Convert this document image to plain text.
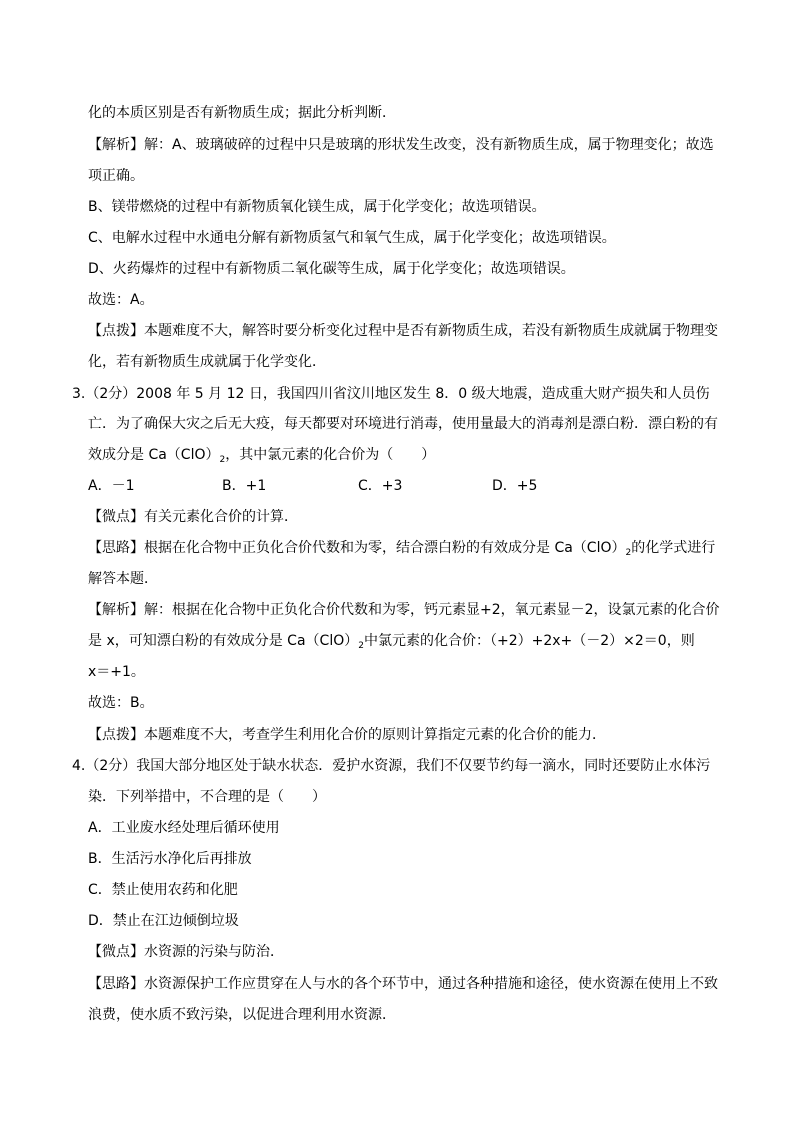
化的本质区别是否有新物质生成；据此分析判断．
【解析】解：A、玻璃破碎的过程中只是玻璃的形状发生改变，没有新物质生成，属于物理变化；故选
项正确。
B、镁带燃烧的过程中有新物质氧化镁生成，属于化学变化；故选项错误。
C、电解水过程中水通电分解有新物质氢气和氧气生成，属于化学变化；故选项错误。
D、火药爆炸的过程中有新物质二氧化碳等生成，属于化学变化；故选项错误。
故选：A。
【点拨】本题难度不大，解答时要分析变化过程中是否有新物质生成，若没有新物质生成就属于物理变
化，若有新物质生成就属于化学变化．
3.（2分）2008 年 5 月 12 日，我国四川省汶川地区发生 8．0 级大地震，造成重大财产损失和人员伤
亡．为了确保大灾之后无大疫，每天都要对环境进行消毒，使用量最大的消毒剂是漂白粉．漂白粉的有
效成分是 $Ca(ClO)_2$，其中氯元素的化合价为（　　）
A．－1	B．+1	C．+3	D．+5
【微点】有关元素化合价的计算．
【思路】根据在化合物中正负化合价代数和为零，结合漂白粉的有效成分是 $Ca(ClO)_2$的化学式进行
解答本题．
【解析】解：根据在化合物中正负化合价代数和为零，钙元素显+2，氧元素显－2，设氯元素的化合价
是 x，可知漂白粉的有效成分是 $Ca(ClO)_2$中氯元素的化合价：（+2）+2x+（－2）×2＝0，则
x＝+1。
故选：B。
【点拨】本题难度不大，考查学生利用化合价的原则计算指定元素的化合价的能力．
4.（2分）我国大部分地区处于缺水状态．爱护水资源，我们不仅要节约每一滴水，同时还要防止水体污
染．下列举措中，不合理的是（　　）
A．工业废水经处理后循环使用
B．生活污水净化后再排放
C．禁止使用农药和化肥
D．禁止在江边倾倒垃圾
【微点】水资源的污染与防治．
【思路】水资源保护工作应贯穿在人与水的各个环节中，通过各种措施和途径，使水资源在使用上不致
浪费，使水质不致污染，以促进合理利用水资源．
